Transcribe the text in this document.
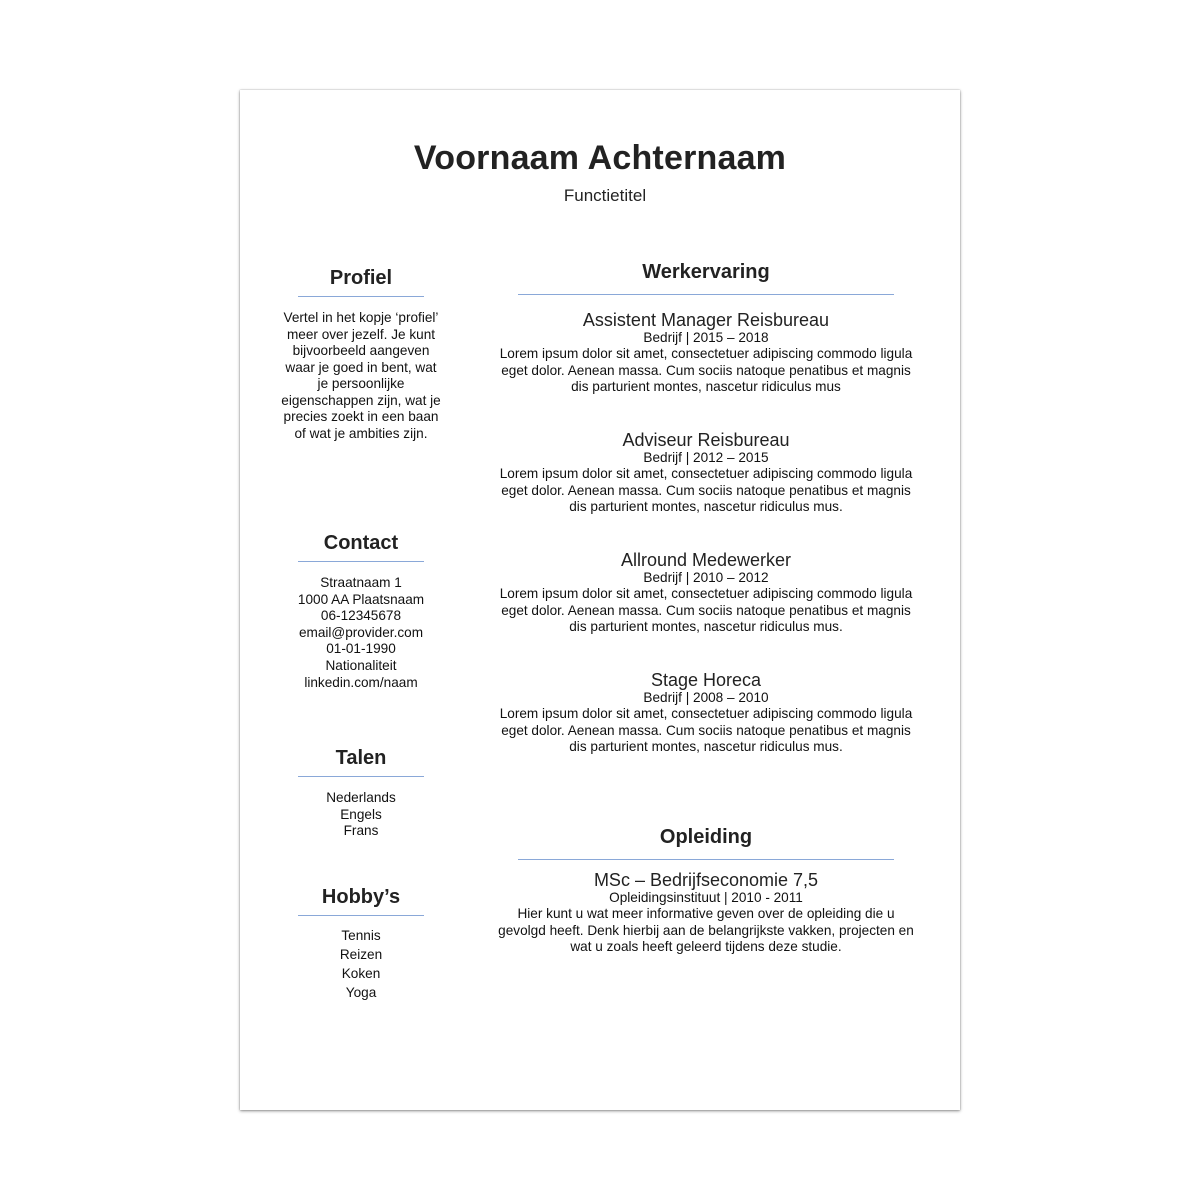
Voornaam Achternaam
Functietitel
Profiel
Vertel in het kopje ‘profiel’ meer over jezelf. Je kunt bijvoorbeeld aangeven waar je goed in bent, wat je persoonlijke eigenschappen zijn, wat je precies zoekt in een baan of wat je ambities zijn.
Contact
Straatnaam 1
1000 AA Plaatsnaam
06-12345678
email@provider.com
01-01-1990
Nationaliteit
linkedin.com/naam
Talen
Nederlands
Engels
Frans
Hobby’s
Tennis
Reizen
Koken
Yoga
Werkervaring
Assistent Manager Reisbureau
Bedrijf | 2015 – 2018
Lorem ipsum dolor sit amet, consectetuer adipiscing commodo ligula eget dolor. Aenean massa. Cum sociis natoque penatibus et magnis dis parturient montes, nascetur ridiculus mus
Adviseur Reisbureau
Bedrijf | 2012 – 2015
Lorem ipsum dolor sit amet, consectetuer adipiscing commodo ligula eget dolor. Aenean massa. Cum sociis natoque penatibus et magnis dis parturient montes, nascetur ridiculus mus.
Allround Medewerker
Bedrijf | 2010 – 2012
Lorem ipsum dolor sit amet, consectetuer adipiscing commodo ligula eget dolor. Aenean massa. Cum sociis natoque penatibus et magnis dis parturient montes, nascetur ridiculus mus.
Stage Horeca
Bedrijf | 2008 – 2010
Lorem ipsum dolor sit amet, consectetuer adipiscing commodo ligula eget dolor. Aenean massa. Cum sociis natoque penatibus et magnis dis parturient montes, nascetur ridiculus mus.
Opleiding
MSc – Bedrijfseconomie 7,5
Opleidingsinstituut | 2010 - 2011
Hier kunt u wat meer informative geven over de opleiding die u gevolgd heeft. Denk hierbij aan de belangrijkste vakken, projecten en wat u zoals heeft geleerd tijdens deze studie.
